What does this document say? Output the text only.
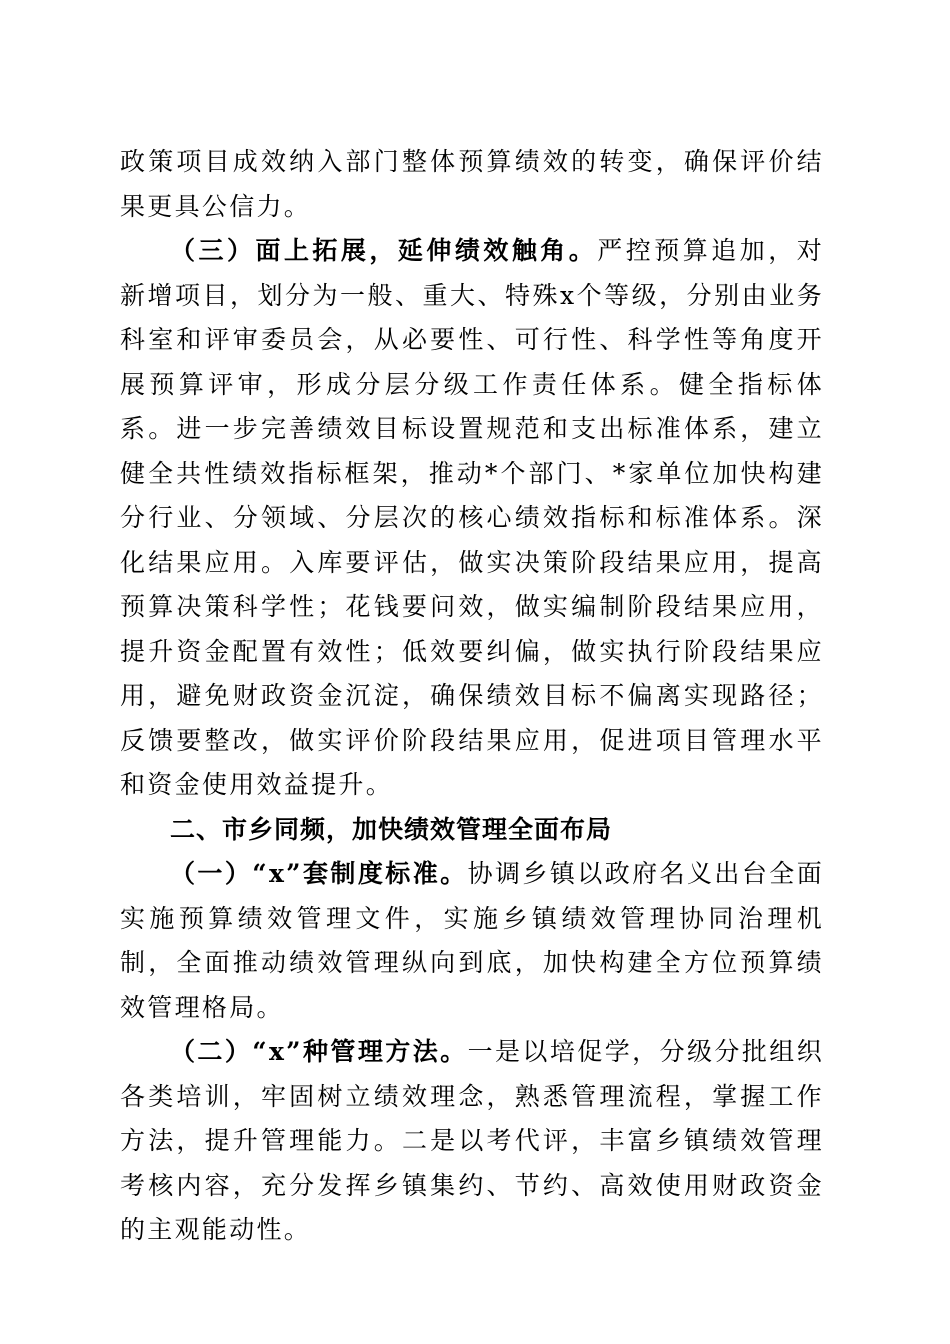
政策项目成效纳入部门整体预算绩效的转变，确保评价结果更具公信力。

（三）面上拓展，延伸绩效触角。严控预算追加，对新增项目，划分为一般、重大、特殊x个等级，分别由业务科室和评审委员会，从必要性、可行性、科学性等角度开展预算评审，形成分层分级工作责任体系。健全指标体系。进一步完善绩效目标设置规范和支出标准体系，建立健全共性绩效指标框架，推动*个部门、*家单位加快构建分行业、分领域、分层次的核心绩效指标和标准体系。深化结果应用。入库要评估，做实决策阶段结果应用，提高预算决策科学性；花钱要问效，做实编制阶段结果应用，提升资金配置有效性；低效要纠偏，做实执行阶段结果应用，避免财政资金沉淀，确保绩效目标不偏离实现路径；反馈要整改，做实评价阶段结果应用，促进项目管理水平和资金使用效益提升。

二、市乡同频，加快绩效管理全面布局

（一）“x”套制度标准。协调乡镇以政府名义出台全面实施预算绩效管理文件，实施乡镇绩效管理协同治理机制，全面推动绩效管理纵向到底，加快构建全方位预算绩效管理格局。

（二）“x”种管理方法。一是以培促学，分级分批组织各类培训，牢固树立绩效理念，熟悉管理流程，掌握工作方法，提升管理能力。二是以考代评，丰富乡镇绩效管理考核内容，充分发挥乡镇集约、节约、高效使用财政资金的主观能动性。
